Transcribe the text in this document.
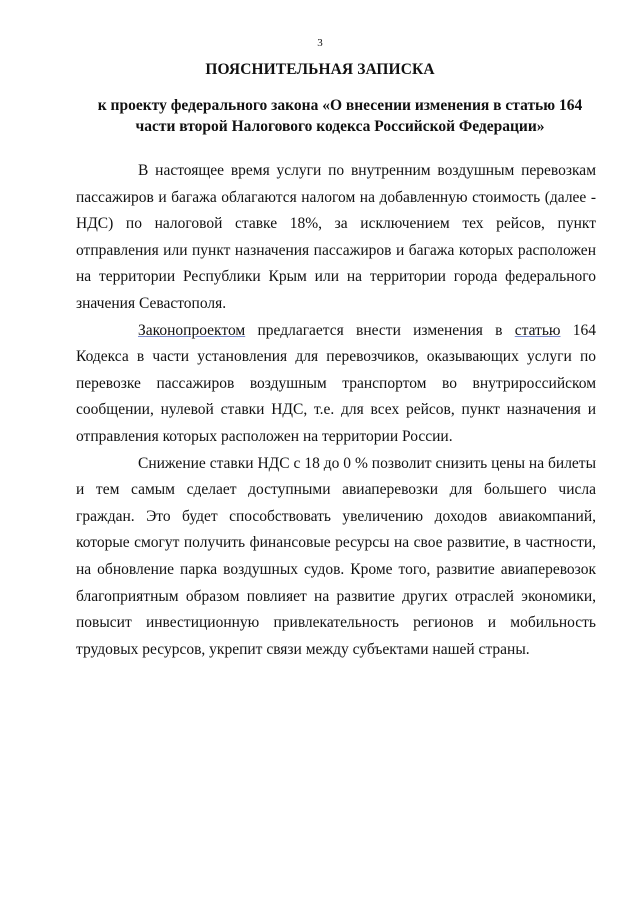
3
ПОЯСНИТЕЛЬНАЯ ЗАПИСКА
к проекту федерального закона «О внесении изменения в статью 164
части второй Налогового кодекса Российской Федерации»

В настоящее время услуги по внутренним воздушным перевозкам пассажиров и багажа облагаются налогом на добавленную стоимость (далее - НДС) по налоговой ставке 18%, за исключением тех рейсов, пункт отправления или пункт назначения пассажиров и багажа которых расположен на территории Республики Крым или на территории города федерального значения Севастополя.

Законопроектом предлагается внести изменения в статью 164 Кодекса в части установления для перевозчиков, оказывающих услуги по перевозке пассажиров воздушным транспортом во внутрироссийском сообщении, нулевой ставки НДС, т.е. для всех рейсов, пункт назначения и отправления которых расположен на территории России.

Снижение ставки НДС с 18 до 0 % позволит снизить цены на билеты и тем самым сделает доступными авиаперевозки для большего числа граждан. Это будет способствовать увеличению доходов авиакомпаний, которые смогут получить финансовые ресурсы на свое развитие, в частности, на обновление парка воздушных судов. Кроме того, развитие авиаперевозок благоприятным образом повлияет на развитие других отраслей экономики, повысит инвестиционную привлекательность регионов и мобильность трудовых ресурсов, укрепит связи между субъектами нашей страны.
